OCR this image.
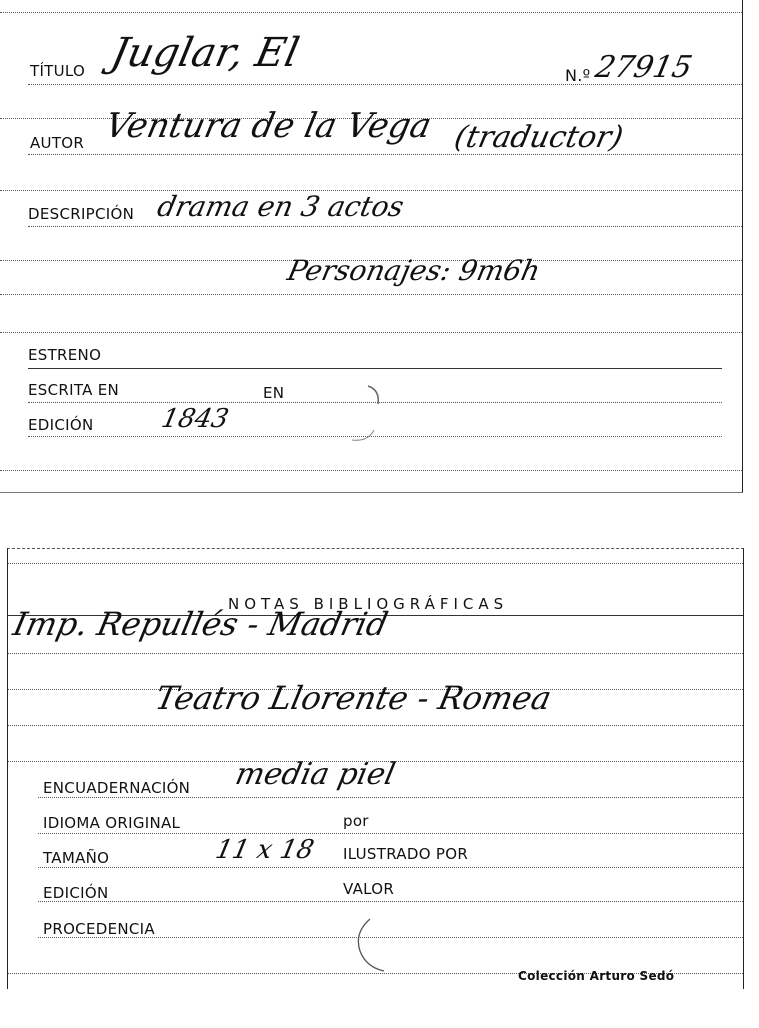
TÍTULO Juglar, El	N.º 27915
AUTOR Ventura de la Vega (traductor)
DESCRIPCIÓN drama en 3 actos
Personajes: 9m6h
ESTRENO
ESCRITA EN	EN
EDICIÓN	1843
NOTAS BIBLIOGRÁFICAS
Imp. Repullés - Madrid
Teatro Llorente - Romea
ENCUADERNACIÓN media piel
IDIOMA ORIGINAL	por
TAMAÑO	11 x 18 ILUSTRADO POR
EDICIÓN	VALOR
PROCEDENCIA
Colección Arturo Sedó
